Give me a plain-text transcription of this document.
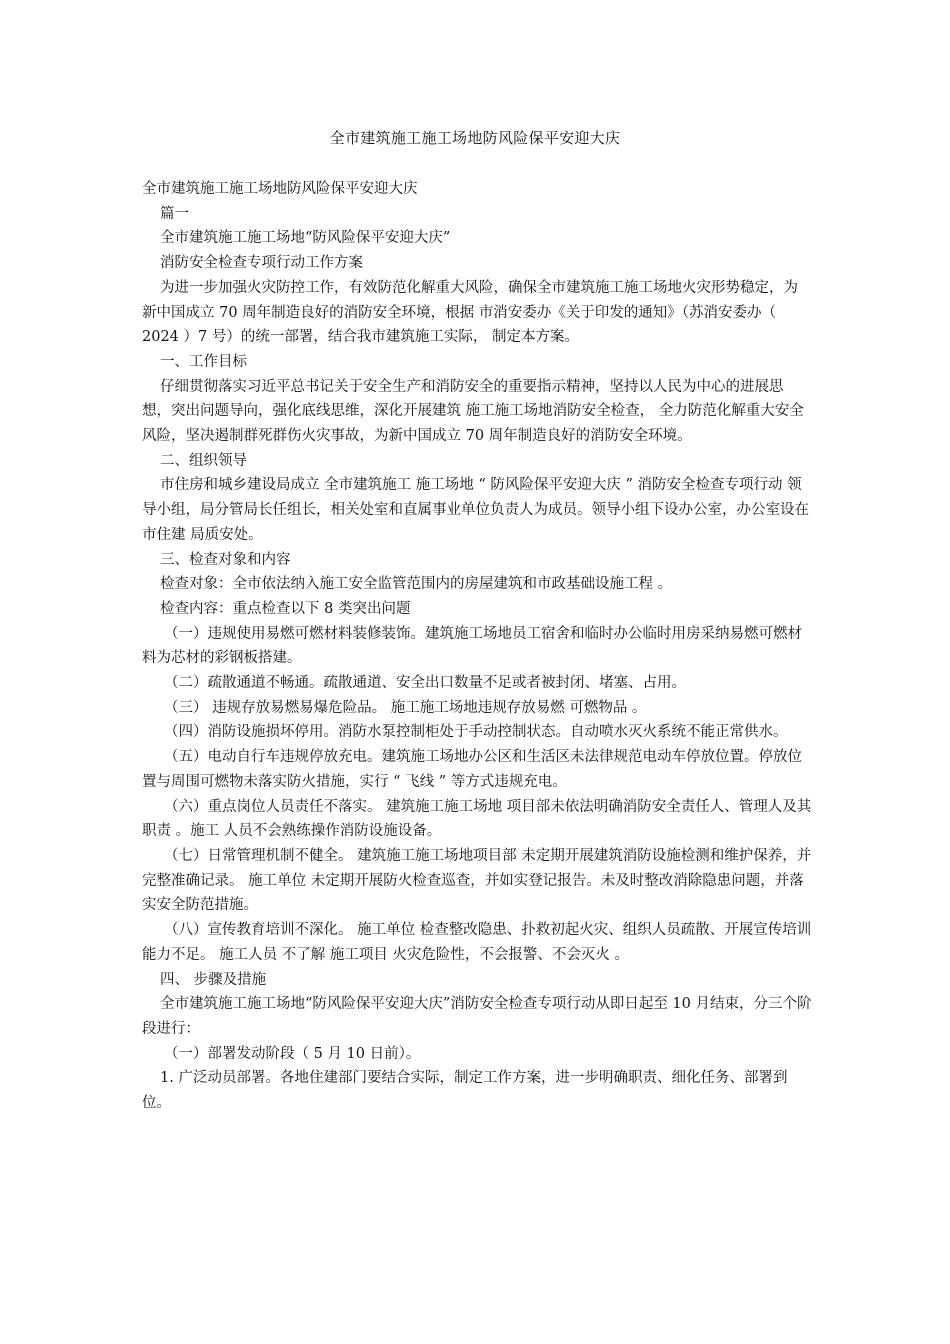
全市建筑施工施工场地防风险保平安迎大庆

全市建筑施工施工场地防风险保平安迎大庆

篇一

全市建筑施工施工场地“防风险保平安迎大庆”

消防安全检查专项行动工作方案

为进一步加强火灾防控工作，有效防范化解重大风险，确保全市建筑施工施工场地火灾形势稳定，为新中国成立 70 周年制造良好的消防安全环境，根据 市消安委办《关于印发的通知》（苏消安委办（ 2024 ）7 号）的统一部署，结合我市建筑施工实际， 制定本方案。

一、工作目标

仔细贯彻落实习近平总书记关于安全生产和消防安全的重要指示精神，坚持以人民为中心的进展思想，突出问题导向，强化底线思维，深化开展建筑 施工施工场地消防安全检查， 全力防范化解重大安全风险，坚决遏制群死群伤火灾事故，为新中国成立 70 周年制造良好的消防安全环境。

二、组织领导

市住房和城乡建设局成立 全市建筑施工 施工场地 “ 防风险保平安迎大庆 ” 消防安全检查专项行动 领导小组，局分管局长任组长，相关处室和直属事业单位负责人为成员。领导小组下设办公室，办公室设在 市住建 局质安处。

三、检查对象和内容

检查对象：全市依法纳入施工安全监管范围内的房屋建筑和市政基础设施工程 。

检查内容：重点检查以下 8 类突出问题

（一）违规使用易燃可燃材料装修装饰。建筑施工场地员工宿舍和临时办公临时用房采纳易燃可燃材料为芯材的彩钢板搭建。

（二）疏散通道不畅通。疏散通道、安全出口数量不足或者被封闭、堵塞、占用。

（三） 违规存放易燃易爆危险品。 施工施工场地违规存放易燃 可燃物品 。

（四）消防设施损坏停用。消防水泵控制柜处于手动控制状态。自动喷水灭火系统不能正常供水。

（五）电动自行车违规停放充电。建筑施工场地办公区和生活区未法律规范电动车停放位置。停放位置与周围可燃物未落实防火措施，实行 “ 飞线 ” 等方式违规充电。

（六）重点岗位人员责任不落实。 建筑施工施工场地 项目部未依法明确消防安全责任人、管理人及其职责 。施工 人员不会熟练操作消防设施设备。

（七）日常管理机制不健全。 建筑施工施工场地项目部 未定期开展建筑消防设施检测和维护保养，并完整准确记录。 施工单位 未定期开展防火检查巡查，并如实登记报告。未及时整改消除隐患问题，并落实安全防范措施。

（八）宣传教育培训不深化。 施工单位 检查整改隐患、扑救初起火灾、组织人员疏散、开展宣传培训能力不足。 施工人员 不了解 施工项目 火灾危险性，不会报警、不会灭火 。

四、 步骤及措施

全市建筑施工施工场地“防风险保平安迎大庆”消防安全检查专项行动从即日起至 10 月结束，分三个阶段进行：

（一）部署发动阶段（ 5 月 10 日前）。

1. 广泛动员部署。各地住建部门要结合实际，制定工作方案，进一步明确职责、细化任务、部署到位。
